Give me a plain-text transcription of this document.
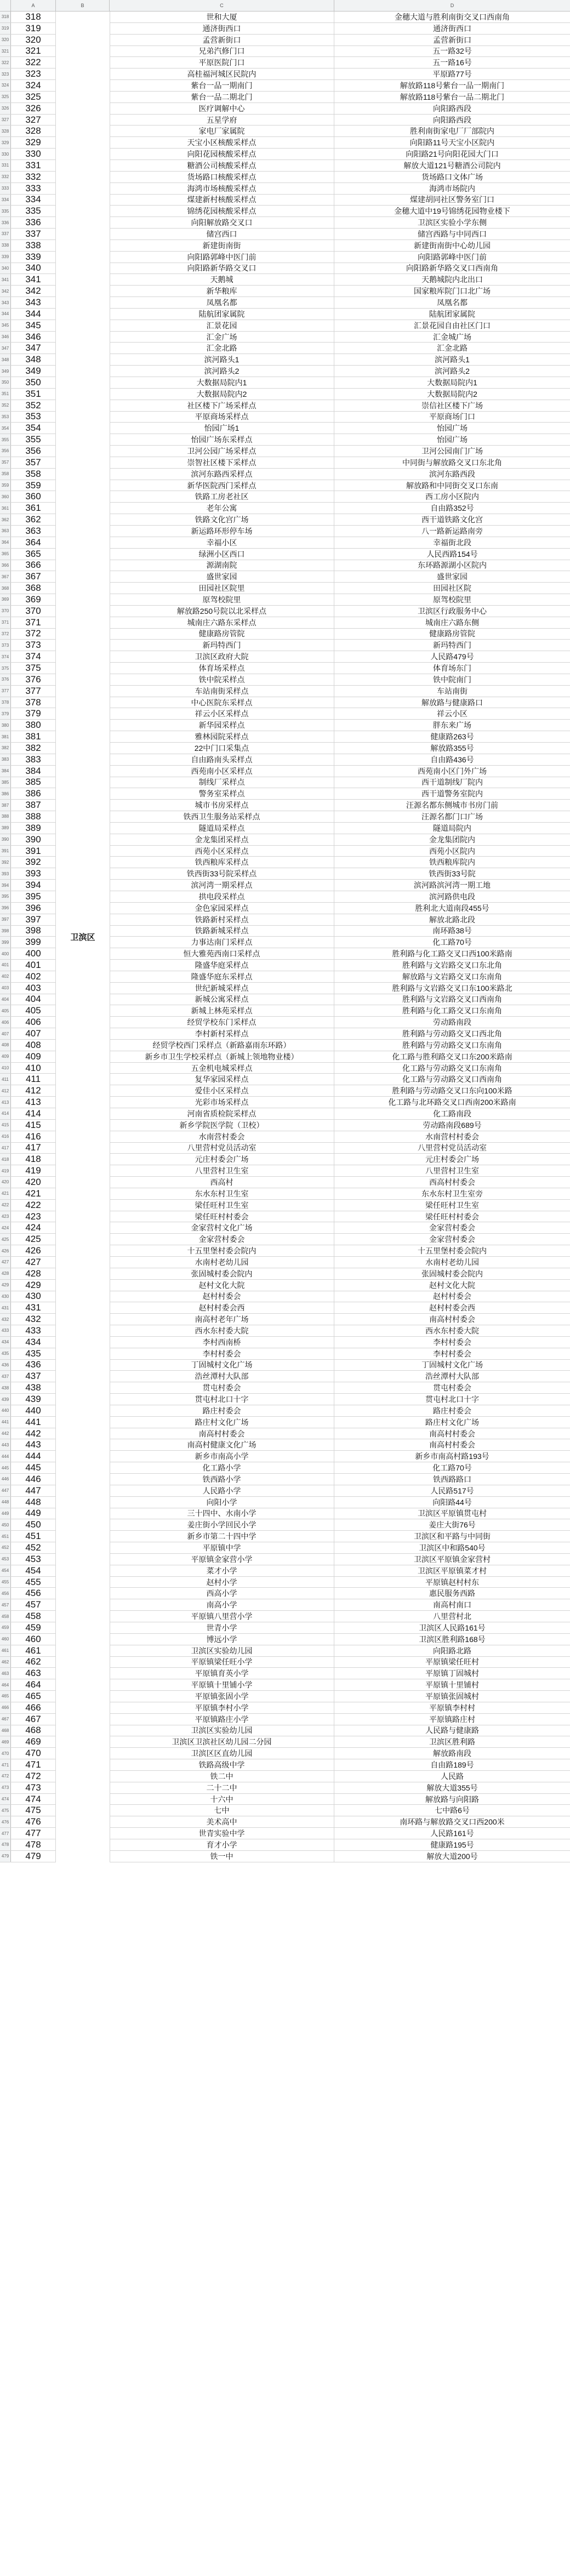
A	B	C	D
318 318	世和大厦	金穗大道与胜利南街交叉口西南角
319 319	通济街西口	通济街西口
320 320	孟营新街口	孟营新街口
321 321	兄弟汽修门口	五一路32号
322 322	平原医院门口	五一路16号
323 323	高桂福河城区民院内	平原路77号
324 324	紫台一品一期南门	解放路118号紫台一品一期南门
325 325	紫台一品二期北门	解放路118号紫台一品二期北门
326 326	医疗调解中心	向阳路西段
327 327	五星学府	向阳路西段
328 328	家电厂家属院	胜利南街家电厂厂部院内
329 329	天宝小区核酸采样点	向阳路11号天宝小区院内
330 330	向阳花园核酸采样点	向阳路21号向阳花园大门口
331 331	糖酒公司核酸采样点	解放大道121号糖酒公司院内
332 332	货场路口核酸采样点	货场路口文体广场
333 333	海鸿市场核酸采样点	海鸿市场院内
334 334	煤建新村核酸采样点	煤建胡同社区警务室门口
335 335	锦绣花园核酸采样点	金穗大道中19号锦绣花园物业楼下
336 336	向阳解放路交叉口	卫滨区实验小学东侧
337 337	储宫西口	储宫西路与中同西口
338 338	新建街南街	新建街南街中心幼儿园
339 339	向阳路郭峰中医门前	向阳路郭峰中医门前
340 340	向阳路新华路交叉口	向阳路新华路交叉口西南角
341 341	天鹅城	天鹅城院内北出口
342 342	新华粮库	国家粮库院门口北广场
343 343	凤凰名都	凤凰名都
344 344	陆航团家属院	陆航团家属院
345 345	汇景花园	汇景花园自由社区门口
346 346	汇金广场	汇金城广场
347 347	汇金北路	汇金北路
348 348	滨河路头1	滨河路头1
349 349	滨河路头2	滨河路头2
350 350	大数据局院内1	大数据局院内1
351 351	大数据局院内2	大数据局院内2
352 352	社区楼下广场采样点	崇信社区楼下广场
353 353	平原商场采样点	平原商场门口
354 354	怡园广场1	怡园广场
355 355	怡园广场东采样点	怡园广场
356 356	卫河公园广场采样点	卫河公园南门广场
357 357	崇智社区楼下采样点	中同街与解放路交叉口东北角
358 358	滨河东路西采样点	滨河东路西段
359 359	新华医院西门采样点	解放路和中同街交叉口东南
360 360	铁路工房老社区	西工房小区院内
361 361	老年公寓	自由路352号
362 362	铁路文化宫广场	西干道铁路文化宫
363 363	新运路环形停车场	八一路新运路南旁
364 364	幸福小区	幸福街北段
365 365	绿洲小区西口	人民西路154号
366 366	源湖南院	东环路源湖小区院内
367 367	盛世家园	盛世家园
368 368	田园社区院里	田园社区院
369 369	原驾校院里	原驾校院里
370 370	解放路250号院以北采样点	卫滨区行政服务中心
371 371	城南庄六路东采样点	城南庄六路东侧
372 372	健康路房管院	健康路房管院
373 373	新玛特西门	新玛特西门
374 374	卫滨区政府大院	人民路479号
375 375	体育场采样点	体育场东门
376 376	铁中院采样点	铁中院南门
377 377	车站南街采样点	车站南街
378 378	中心医院东采样点	解放路与健康路口
379 379	祥云小区采样点	祥云小区
380 380	新华园采样点	胖东来广场
381 381	雅林园院采样点	健康路263号
382 382	22中门口采集点	解放路355号
383 383	自由路南头采样点	自由路436号
384 384	西苑南小区采样点	西苑南小区门外广场
385 385	制线厂采样点	西干道制线厂院内
386 386	警务室采样点	西干道警务室院内
387 387	城市书房采样点	汪源名都东侧城市书房门前
388 388	铁西卫生服务站采样点	汪源名都门口广场
389 389	隧道局采样点	隧道局院内
390 390	金龙集团采样点	金龙集团院内
391 391	西苑小区采样点	西苑小区院内
392 392	铁西粮库采样点	铁西粮库院内
393 393	铁西街33号院采样点	铁西街33号院
394 394	滨河湾一期采样点	滨河路滨河湾一期工地
395 395	拱电段采样点	滨河路供电段
396 396	金色家园采样点	胜利北大道南段455号
397 397	铁路新村采样点	解放北路北段
398 398	铁路新城采样点	南环路38号
399 399	力事达南门采样点	化工路70号
400 400	恒大雅苑西南口采样点	胜利路与化工路交叉口西100米路南
401 401	隆盛华庭采样点	胜利路与文岩路交叉口东北角
402 402	隆盛华庭东采样点	解放路与文岩路交叉口东南角
403 403	世纪新城采样点	胜利路与文岩路交叉口东100米路北
404 404	新城公寓采样点	胜利路与文岩路交叉口西南角
405 405	新城上林苑采样点	胜利路与化工路交叉口东南角
406 406	经贸学校东门采样点	劳动路南段
407 407	李村新村采样点	胜利路与劳动路交叉口西北角
408 408	经贸学校西门采样点（新路嘉雨东环路）	胜利路与劳动路交叉口东南角
409 409	新乡市卫生学校采样点（新城上领地物业楼）	化工路与胜利路交叉口东200米路南
410 410	五金机电城采样点	化工路与劳动路交叉口东南角
411 411	复华家园采样点	化工路与劳动路交叉口西南角
412 412	爱佳小区采样点	胜利路与劳动路交叉口东向100米路
413 413	光彩市场采样点	化工路与北环路交叉口西南200米路南
414 414	河南省质检院采样点	化工路南段
415 415	新乡学院医学院（卫校）	劳动路南段689号
416 416	水南营村委会	水南营村村委会
417 417	八里营村党员活动室	八里营村党员活动室
418 418	元庄村委会广场	元庄村委会广场
419 419	八里营村卫生室	八里营村卫生室
420 420	西高村	西高村村委会
421 421	东水东村卫生室	东水东村卫生室旁
422 422	梁任旺村卫生室	梁任旺村卫生室
423 423	梁任旺村村委会	梁任旺村村委会
424 424	金家营村文化广场	金家营村委会
425 425	金家营村委会	金家营村委会
426 426	十五里堡村委会院内	十五里堡村委会院内
427 427	水南村老幼儿园	水南村老幼儿园
428 428	张固城村委会院内	张固城村委会院内
429 429	赵村文化大院	赵村文化大院
430 430	赵村村委会	赵村村委会
431 431	赵村村委会西	赵村村委会西
432 432	南高村老年广场	南高村村委会
433 433	西水东村委大院	西水东村委大院
434 434	李村西南桥	李村村委会
435 435	李村村委会	李村村委会
436 436	丁固城村文化广场	丁固城村文化广场
437 437	浩丝潭村大队部	浩丝潭村大队部
438 438	贯屯村委会	贯屯村委会
439 439	贯屯村北口十字	贯屯村北口十字
440 440	路庄村委会	路庄村委会
441 441	路庄村文化广场	路庄村文化广场
442 442	南高村村委会	南高村村委会
443 443	南高村健康文化广场	南高村村委会
444 444	新乡市南高小学	新乡市南高村路193号
445 445	化工路小学	化工路70号
446 446	铁西路小学	铁西路路口
447 447	人民路小学	人民路517号
448 448	向阳小学	向阳路44号
449 449	三十四中、水南小学	卫滨区平原镇贯屯村
450 450	姜庄街小学回民小学	姜庄大街76号
451 451	新乡市第二十四中学	卫滨区和平路与中同街
452 452	平原镇中学	卫滨区中和路540号
453 453	平原镇金家营小学	卫滨区平原镇金家营村
454 454	菜才小学	卫滨区平原镇菜才村
455 455	赵村小学	平原镇赵村村东
456 456	西高小学	惠民服务西路
457 457	南高小学	南高村南口
458 458	平原镇八里营小学	八里营村北
459 459	世青小学	卫滨区人民路161号
460 460	博远小学	卫滨区胜利路168号
461 461	卫滨区实验幼儿园	向阳路北路
462 462	平原镇梁任旺小学	平原镇梁任旺村
463 463	平原镇育英小学	平原镇丁固城村
464 464	平原镇十里铺小学	平原镇十里铺村
465 465	平原镇张固小学	平原镇张固城村
466 466	平原镇李村小学	平原镇李村村
467 467	平原镇路庄小学	平原镇路庄村
468 468	卫滨区实验幼儿园	人民路与健康路
469 469	卫滨区卫滨社区幼儿园二分园	卫滨区胜利路
470 470	卫滨区区直幼儿园	解放路南段
471 471	铁路高级中学	自由路189号
472 472	铁二中	人民路
473 473	二十二中	解放大道355号
474 474	十六中	解放路与向阳路
475 475	七中	七中路6号
476 476	美术高中	南环路与解放路交叉口西200米
477 477	世青实验中学	人民路161号
478 478	育才小学	健康路195号
479 479	铁一中	解放大道200号
卫滨区
